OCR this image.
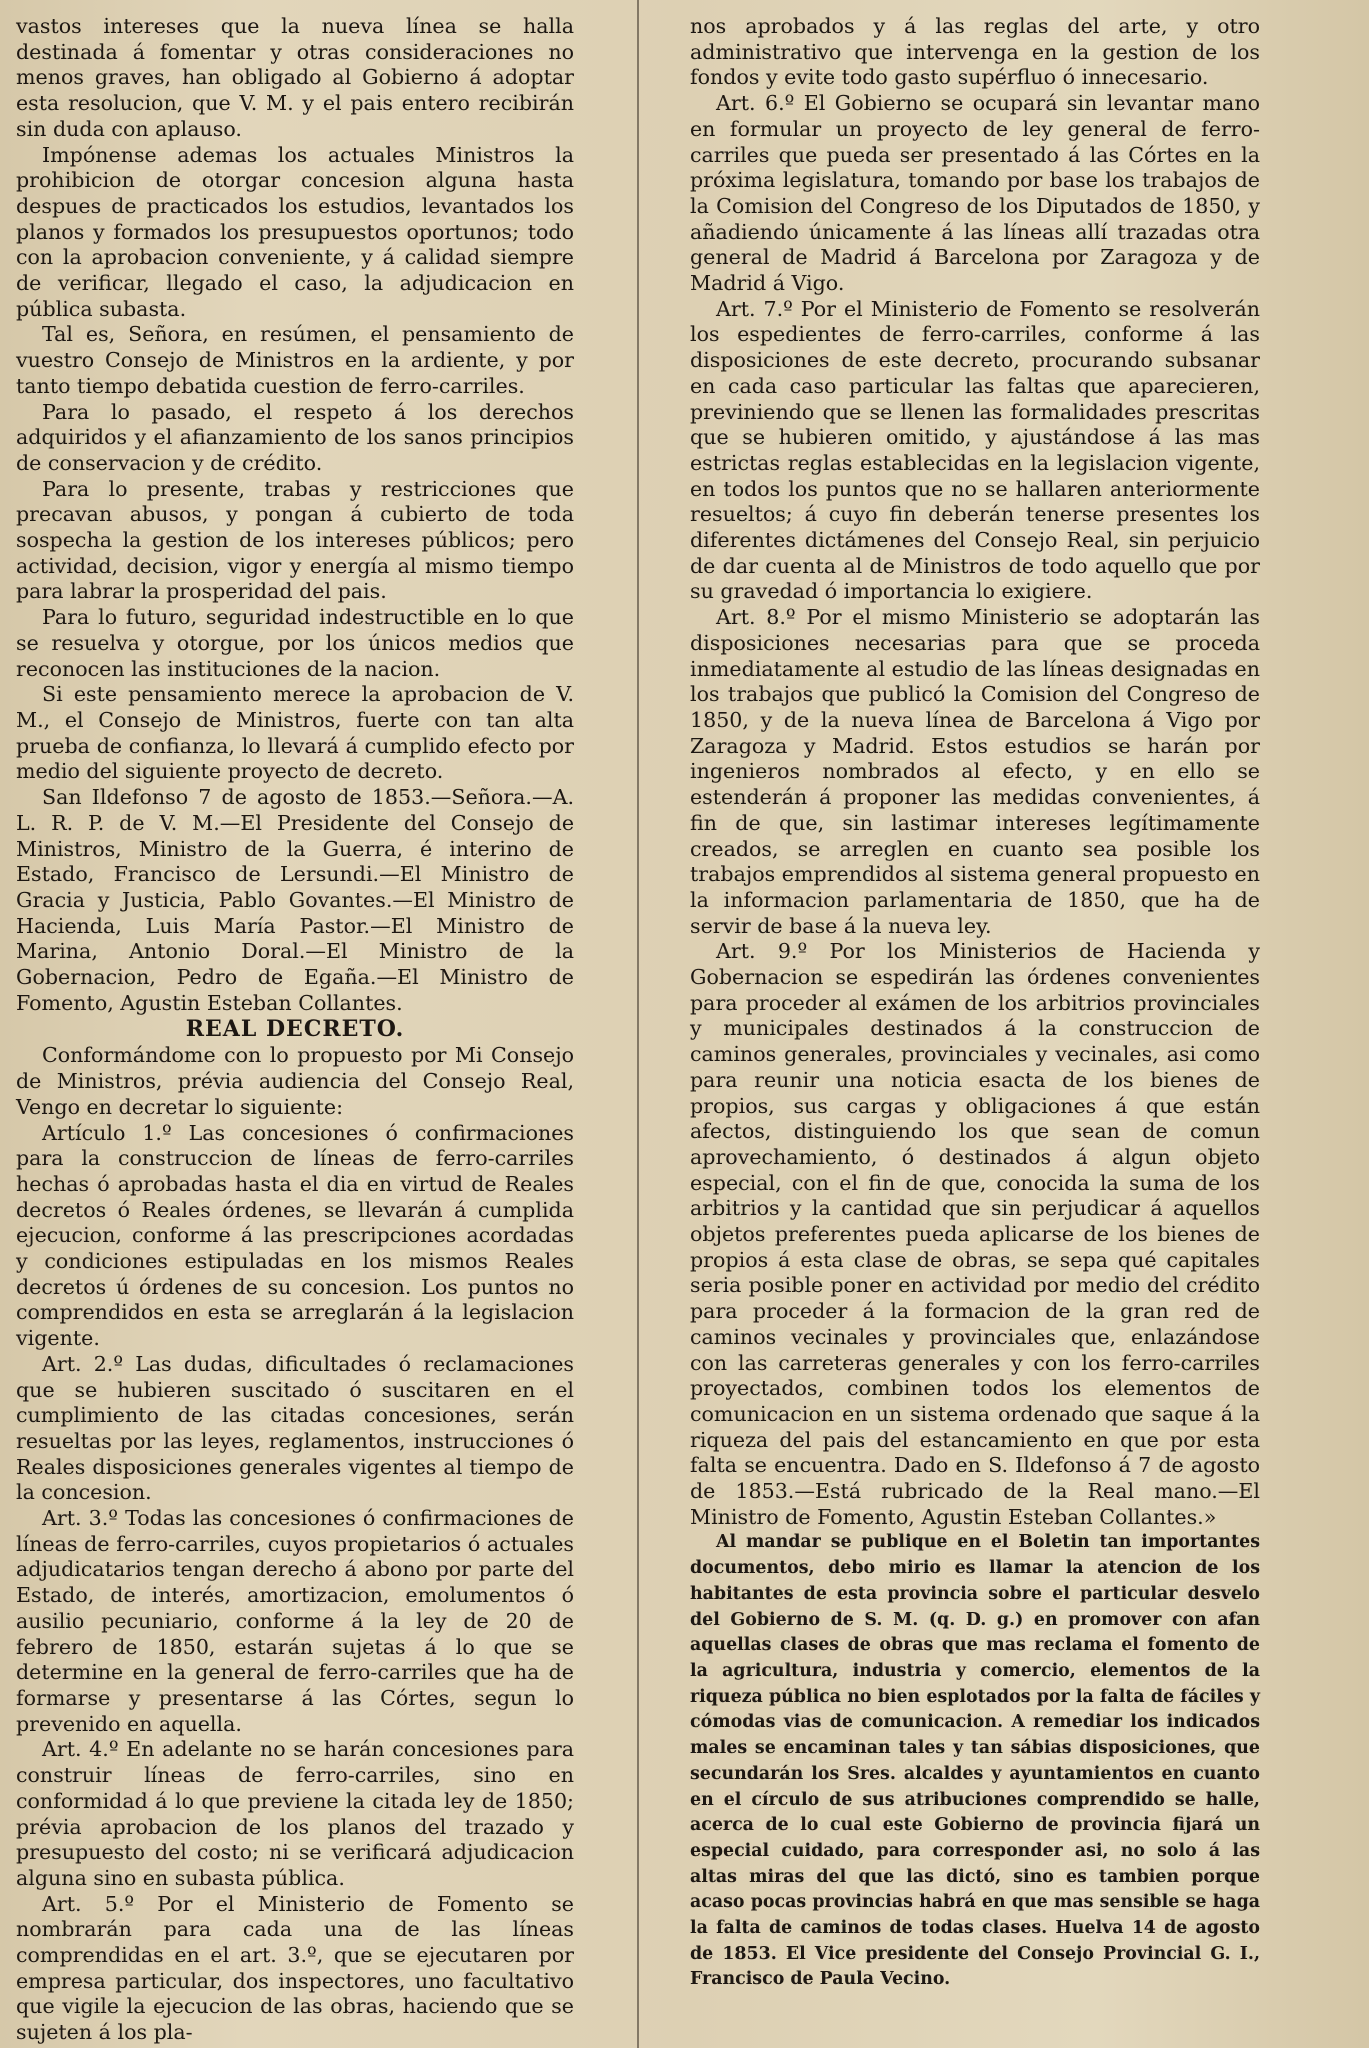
vastos intereses que la nueva línea se halla destinada á fomentar y otras consideraciones no menos graves, han obligado al Gobierno á adoptar esta resolucion, que V. M. y el pais entero recibirán sin duda con aplauso.

Impónense ademas los actuales Ministros la prohibicion de otorgar concesion alguna hasta despues de practicados los estudios, levantados los planos y formados los presupuestos oportunos; todo con la aprobacion conveniente, y á calidad siempre de verificar, llegado el caso, la adjudicacion en pública subasta.

Tal es, Señora, en resúmen, el pensamiento de vuestro Consejo de Ministros en la ardiente, y por tanto tiempo debatida cuestion de ferro-carriles.

Para lo pasado, el respeto á los derechos adquiridos y el afianzamiento de los sanos principios de conservacion y de crédito.

Para lo presente, trabas y restricciones que precavan abusos, y pongan á cubierto de toda sospecha la gestion de los intereses públicos; pero actividad, decision, vigor y energía al mismo tiempo para labrar la prosperidad del pais.

Para lo futuro, seguridad indestructible en lo que se resuelva y otorgue, por los únicos medios que reconocen las instituciones de la nacion.

Si este pensamiento merece la aprobacion de V. M., el Consejo de Ministros, fuerte con tan alta prueba de confianza, lo llevará á cumplido efecto por medio del siguiente proyecto de decreto.

San Ildefonso 7 de agosto de 1853.—Señora.—A. L. R. P. de V. M.—El Presidente del Consejo de Ministros, Ministro de la Guerra, é interino de Estado, Francisco de Lersundi.—El Ministro de Gracia y Justicia, Pablo Govantes.—El Ministro de Hacienda, Luis María Pastor.—El Ministro de Marina, Antonio Doral.—El Ministro de la Gobernacion, Pedro de Egaña.—El Ministro de Fomento, Agustin Esteban Collantes.

REAL DECRETO.

Conformándome con lo propuesto por Mi Consejo de Ministros, prévia audiencia del Consejo Real, Vengo en decretar lo siguiente:

Artículo 1.º Las concesiones ó confirmaciones para la construccion de líneas de ferro-carriles hechas ó aprobadas hasta el dia en virtud de Reales decretos ó Reales órdenes, se llevarán á cumplida ejecucion, conforme á las prescripciones acordadas y condiciones estipuladas en los mismos Reales decretos ú órdenes de su concesion. Los puntos no comprendidos en esta se arreglarán á la legislacion vigente.

Art. 2.º Las dudas, dificultades ó reclamaciones que se hubieren suscitado ó suscitaren en el cumplimiento de las citadas concesiones, serán resueltas por las leyes, reglamentos, instrucciones ó Reales disposiciones generales vigentes al tiempo de la concesion.

Art. 3.º Todas las concesiones ó confirmaciones de líneas de ferro-carriles, cuyos propietarios ó actuales adjudicatarios tengan derecho á abono por parte del Estado, de interés, amortizacion, emolumentos ó ausilio pecuniario, conforme á la ley de 20 de febrero de 1850, estarán sujetas á lo que se determine en la general de ferro-carriles que ha de formarse y presentarse á las Córtes, segun lo prevenido en aquella.

Art. 4.º En adelante no se harán concesiones para construir líneas de ferro-carriles, sino en conformidad á lo que previene la citada ley de 1850; prévia aprobacion de los planos del trazado y presupuesto del costo; ni se verificará adjudicacion alguna sino en subasta pública.

Art. 5.º Por el Ministerio de Fomento se nombrarán para cada una de las líneas comprendidas en el art. 3.º, que se ejecutaren por empresa particular, dos inspectores, uno facultativo que vigile la ejecucion de las obras, haciendo que se sujeten á los pla-

nos aprobados y á las reglas del arte, y otro administrativo que intervenga en la gestion de los fondos y evite todo gasto supérfluo ó innecesario.

Art. 6.º El Gobierno se ocupará sin levantar mano en formular un proyecto de ley general de ferro-carriles que pueda ser presentado á las Córtes en la próxima legislatura, tomando por base los trabajos de la Comision del Congreso de los Diputados de 1850, y añadiendo únicamente á las líneas allí trazadas otra general de Madrid á Barcelona por Zaragoza y de Madrid á Vigo.

Art. 7.º Por el Ministerio de Fomento se resolverán los espedientes de ferro-carriles, conforme á las disposiciones de este decreto, procurando subsanar en cada caso particular las faltas que aparecieren, previniendo que se llenen las formalidades prescritas que se hubieren omitido, y ajustándose á las mas estrictas reglas establecidas en la legislacion vigente, en todos los puntos que no se hallaren anteriormente resueltos; á cuyo fin deberán tenerse presentes los diferentes dictámenes del Consejo Real, sin perjuicio de dar cuenta al de Ministros de todo aquello que por su gravedad ó importancia lo exigiere.

Art. 8.º Por el mismo Ministerio se adoptarán las disposiciones necesarias para que se proceda inmediatamente al estudio de las líneas designadas en los trabajos que publicó la Comision del Congreso de 1850, y de la nueva línea de Barcelona á Vigo por Zaragoza y Madrid. Estos estudios se harán por ingenieros nombrados al efecto, y en ello se estenderán á proponer las medidas convenientes, á fin de que, sin lastimar intereses legítimamente creados, se arreglen en cuanto sea posible los trabajos emprendidos al sistema general propuesto en la informacion parlamentaria de 1850, que ha de servir de base á la nueva ley.

Art. 9.º Por los Ministerios de Hacienda y Gobernacion se espedirán las órdenes convenientes para proceder al exámen de los arbitrios provinciales y municipales destinados á la construccion de caminos generales, provinciales y vecinales, asi como para reunir una noticia esacta de los bienes de propios, sus cargas y obligaciones á que están afectos, distinguiendo los que sean de comun aprovechamiento, ó destinados á algun objeto especial, con el fin de que, conocida la suma de los arbitrios y la cantidad que sin perjudicar á aquellos objetos preferentes pueda aplicarse de los bienes de propios á esta clase de obras, se sepa qué capitales seria posible poner en actividad por medio del crédito para proceder á la formacion de la gran red de caminos vecinales y provinciales que, enlazándose con las carreteras generales y con los ferro-carriles proyectados, combinen todos los elementos de comunicacion en un sistema ordenado que saque á la riqueza del pais del estancamiento en que por esta falta se encuentra. Dado en S. Ildefonso á 7 de agosto de 1853.—Está rubricado de la Real mano.—El Ministro de Fomento, Agustin Esteban Collantes.»

Al mandar se publique en el Boletin tan importantes documentos, debo mirio es llamar la atencion de los habitantes de esta provincia sobre el particular desvelo del Gobierno de S. M. (q. D. g.) en promover con afan aquellas clases de obras que mas reclama el fomento de la agricultura, industria y comercio, elementos de la riqueza pública no bien esplotados por la falta de fáciles y cómodas vias de comunicacion. A remediar los indicados males se encaminan tales y tan sábias disposiciones, que secundarán los Sres. alcaldes y ayuntamientos en cuanto en el círculo de sus atribuciones comprendido se halle, acerca de lo cual este Gobierno de provincia fijará un especial cuidado, para corresponder asi, no solo á las altas miras del que las dictó, sino es tambien porque acaso pocas provincias habrá en que mas sensible se haga la falta de caminos de todas clases. Huelva 14 de agosto de 1853. El Vice presidente del Consejo Provincial G. I., Francisco de Paula Vecino.
